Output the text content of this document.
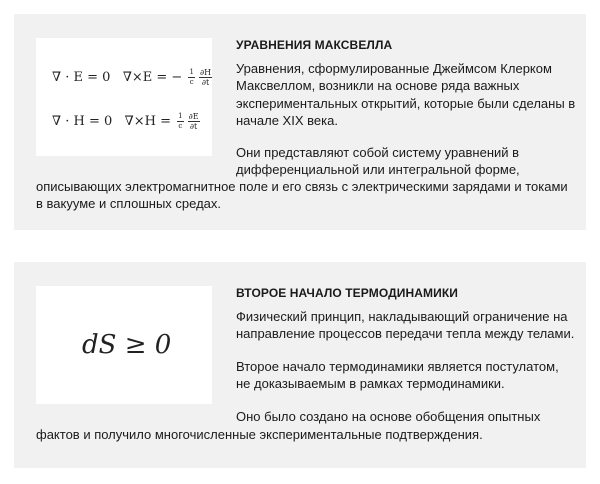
∇ · E = 0 ∇×E = − $\frac{1}{c} \frac{\partial H}{\partial t}$
∇ · H = 0 $\nabla\times H = \frac{1}{c} \frac{\partial E}{\partial t}$
УРАВНЕНИЯ МАКСВЕЛЛА

Уравнения, сформулированные Джеймсом Клерком Максвеллом, возникли на основе ряда важных экспериментальных открытий, которые были сделаны в начале XIX века.

Они представляют собой систему уравнений в дифференциальной или интегральной форме,

описывающих электромагнитное поле и его связь с электрическими зарядами и токами в вакууме и сплошных средах.

dS ≥ 0
ВТОРОЕ НАЧАЛО ТЕРМОДИНАМИКИ

Физический принцип, накладывающий ограничение на направление процессов передачи тепла между телами.

Второе начало термодинамики является постулатом, не доказываемым в рамках термодинамики.

Оно было создано на основе обобщения опытных

фактов и получило многочисленные экспериментальные подтверждения.
